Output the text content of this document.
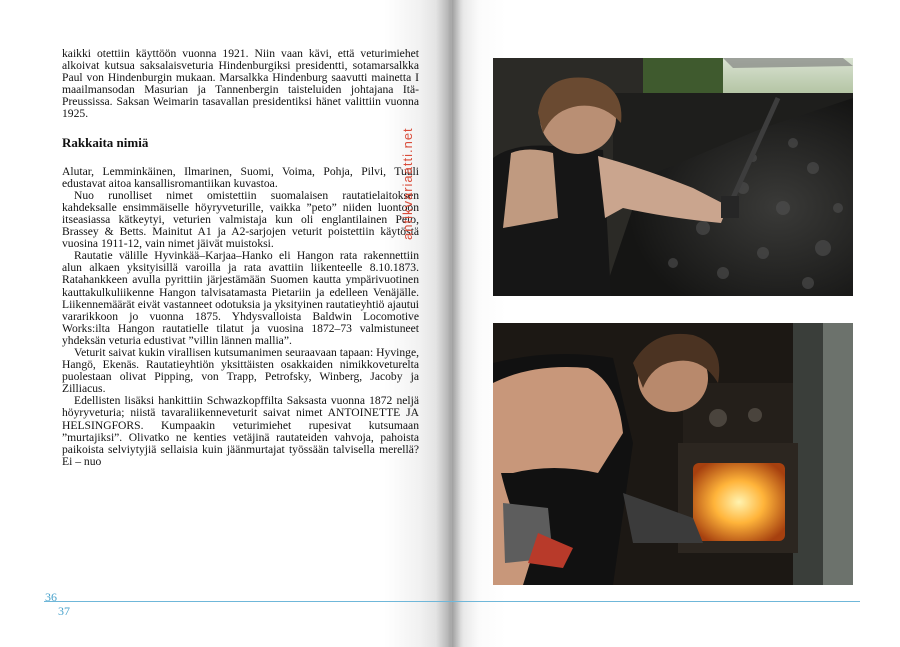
kaikki otettiin käyttöön vuonna 1921. Niin vaan kävi, että veturimiehet alkoivat kutsua saksalaisveturia Hindenburgiksi presidentti, sotamarsalkka Paul von Hindenburgin mukaan. Marsalkka Hindenburg saavutti mainetta I maailmansodan Masurian ja Tannenbergin taisteluiden johtajana Itä-Preussissa. Saksan Weimarin tasavallan presidentiksi hänet valittiin vuonna 1925.

Rakkaita nimiä

Alutar, Lemminkäinen, Ilmarinen, Suomi, Voima, Pohja, Pilvi, Tuuli edustavat aitoa kansallisromantiikan kuvastoa.

Nuo runolliset nimet omistettiin suomalaisen rautatielaitoksen kahdeksalle ensimmäiselle höyryveturille, vaikka ”peto” niiden luontoon itseasiassa kätkeytyi, veturien valmistaja kun oli englantilainen Peto, Brassey & Betts. Mainitut A1 ja A2-sarjojen veturit poistettiin käytöstä vuosina 1911-12, vain nimet jäivät muistoksi.

Rautatie välille Hyvinkää–Karjaa–Hanko eli Hangon rata rakennettiin alun alkaen yksityisillä varoilla ja rata avattiin liikenteelle 8.10.1873. Ratahankkeen avulla pyrittiin järjestämään Suomen kautta ympärivuotinen kauttakulkuliikenne Hangon talvisatamasta Pietariin ja edelleen Venäjälle. Liikennemäärät eivät vastanneet odotuksia ja yksityinen rautatieyhtiö ajautui vararikkoon jo vuonna 1875. Yhdysvalloista Baldwin Locomotive Works:ilta Hangon rautatielle tilatut ja vuosina 1872–73 valmistuneet yhdeksän veturia edustivat ”villin lännen mallia”.

Veturit saivat kukin virallisen kutsumanimen seuraavaan tapaan: Hyvinge, Hangö, Ekenäs. Rautatieyhtiön yksittäisten osakkaiden nimikkoveturelta puolestaan olivat Pipping, von Trapp, Petrofsky, Winberg, Jacoby ja Zilliacus.

Edellisten lisäksi hankittiin Schwazkopffilta Saksasta vuonna 1872 neljä höyryveturia; niistä tavaraliikenneveturit saivat nimet ANTOINETTE JA HELSINGFORS. Kumpaakin veturimiehet rupesivat kutsumaan ”murtajiksi”. Olivatko ne kenties vetäjinä rautateiden vahvoja, pahoista paikoista selviytyjiä sellaisia kuin jäänmurtajat työssään talvisella merellä? Ei – nuo

antikvariaatti.net
36
37
